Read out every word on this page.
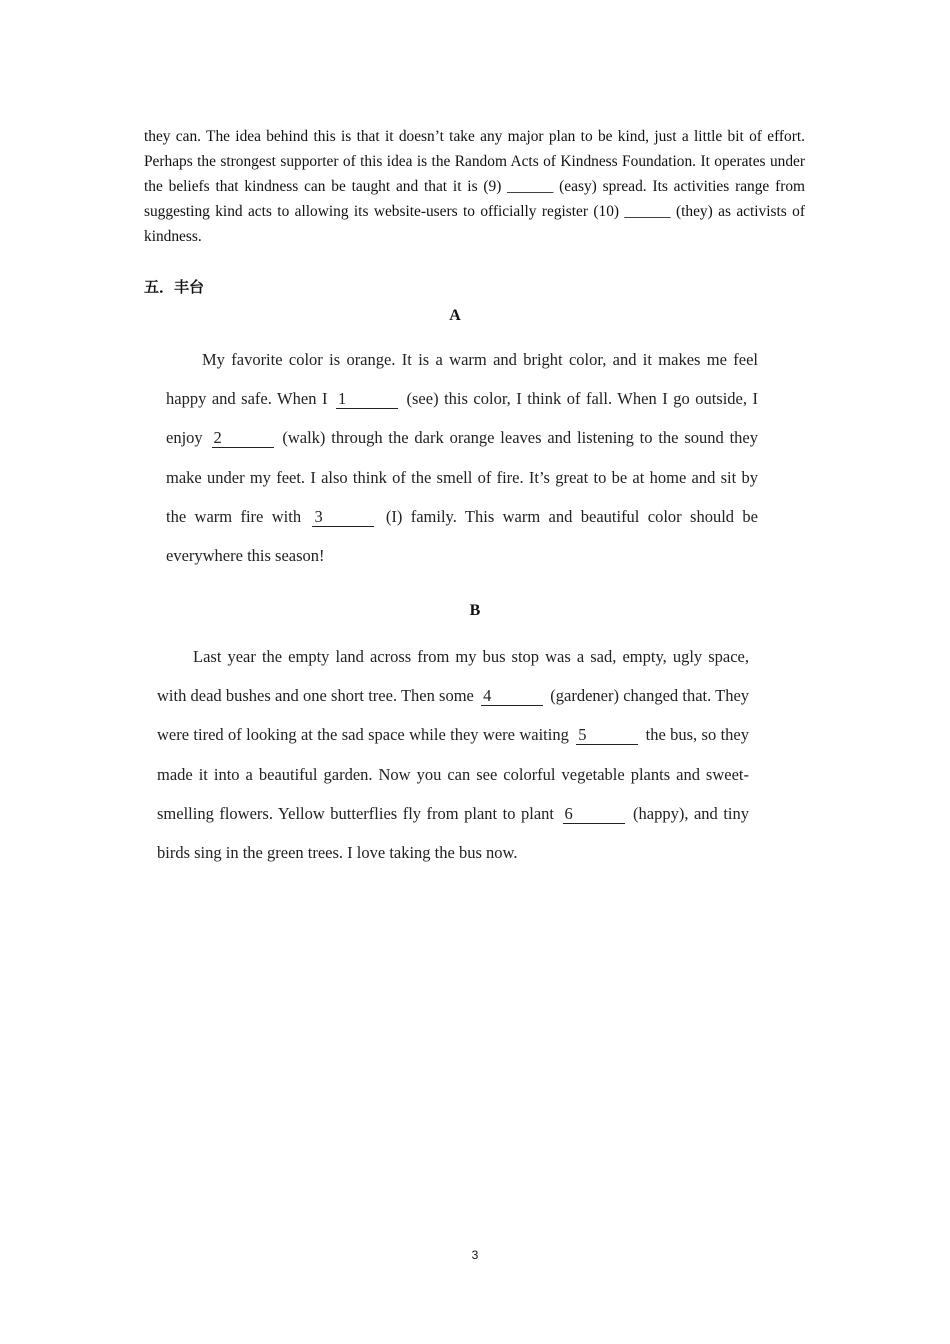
they can. The idea behind this is that it doesn’t take any major plan to be kind, just a little bit of effort. Perhaps the strongest supporter of this idea is the Random Acts of Kindness Foundation. It operates under the beliefs that kindness can be taught and that it is (9) ______ (easy) spread. Its activities range from suggesting kind acts to allowing its website-users to officially register (10) ______ (they) as activists of kindness.

五．丰台

A

My favorite color is orange. It is a warm and bright color, and it makes me feel happy and safe. When I 1	(see) this color, I think of fall. When I go outside, I enjoy 2	(walk) through the dark orange leaves and listening to the sound they make under my feet. I also think of the smell of fire. It’s great to be at home and sit by the warm fire with 3	(I) family. This warm and beautiful color should be everywhere this season!

B

Last year the empty land across from my bus stop was a sad, empty, ugly space, with dead bushes and one short tree. Then some 4	(gardener) changed that. They were tired of looking at the sad space while they were waiting 5	the bus, so they made it into a beautiful garden. Now you can see colorful vegetable plants and sweet-smelling flowers. Yellow butterflies fly from plant to plant 6	(happy), and tiny birds sing in the green trees. I love taking the bus now.

3
